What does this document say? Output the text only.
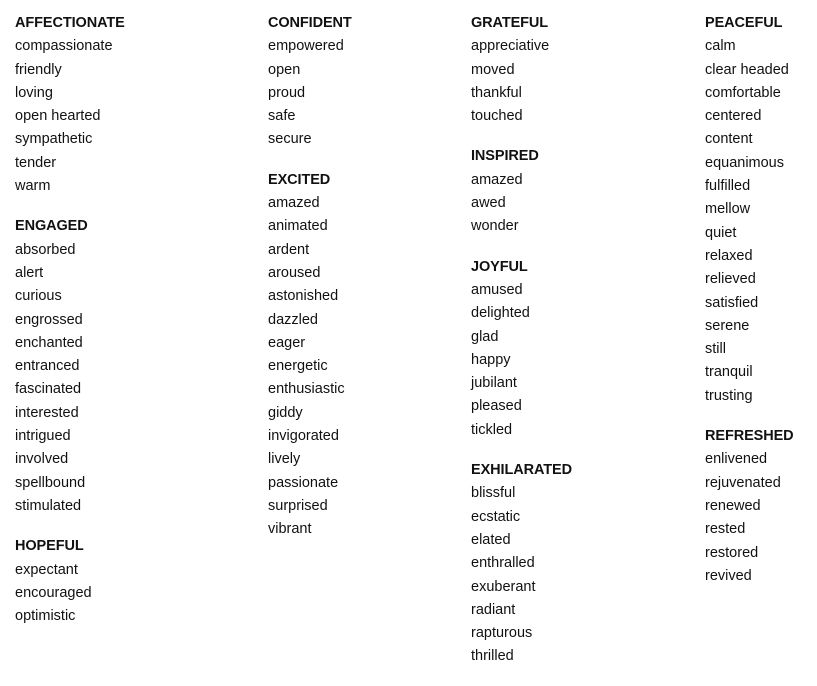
AFFECTIONATE
compassionate
friendly
loving
open hearted
sympathetic
tender
warm
ENGAGED
absorbed
alert
curious
engrossed
enchanted
entranced
fascinated
interested
intrigued
involved
spellbound
stimulated
HOPEFUL
expectant
encouraged
optimistic
CONFIDENT
empowered
open
proud
safe
secure
EXCITED
amazed
animated
ardent
aroused
astonished
dazzled
eager
energetic
enthusiastic
giddy
invigorated
lively
passionate
surprised
vibrant
GRATEFUL
appreciative
moved
thankful
touched
INSPIRED
amazed
awed
wonder
JOYFUL
amused
delighted
glad
happy
jubilant
pleased
tickled
EXHILARATED
blissful
ecstatic
elated
enthralled
exuberant
radiant
rapturous
thrilled
PEACEFUL
calm
clear headed
comfortable
centered
content
equanimous
fulfilled
mellow
quiet
relaxed
relieved
satisfied
serene
still
tranquil
trusting
REFRESHED
enlivened
rejuvenated
renewed
rested
restored
revived
